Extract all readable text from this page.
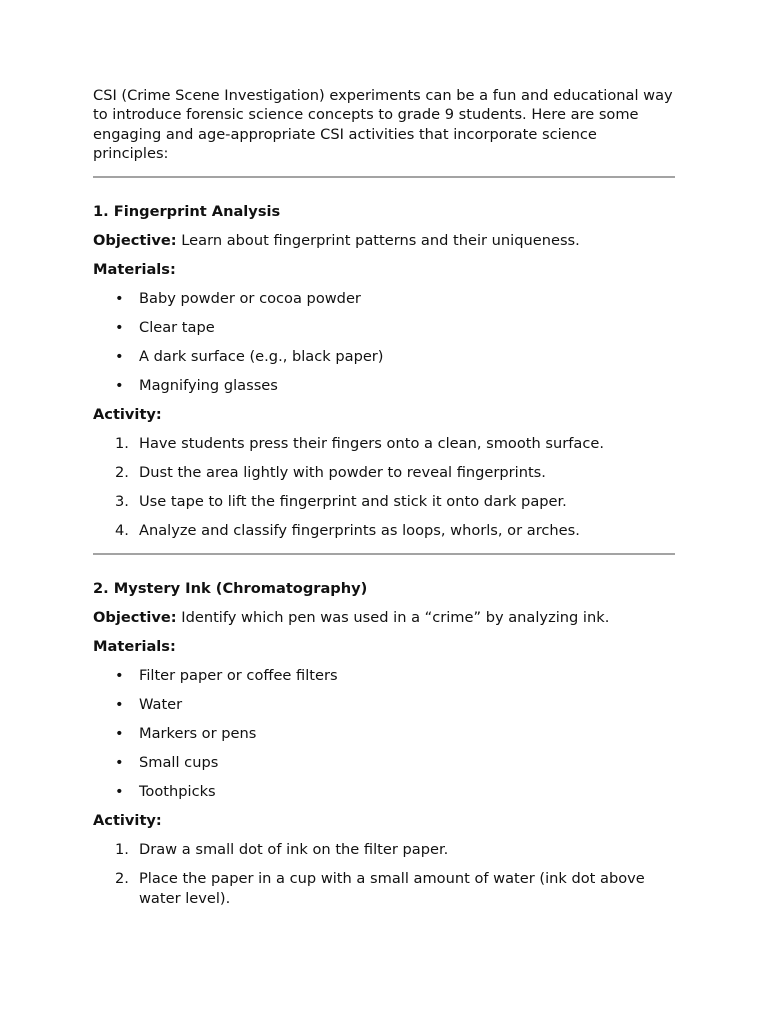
CSI (Crime Scene Investigation) experiments can be a fun and educational way to introduce forensic science concepts to grade 9 students. Here are some engaging and age-appropriate CSI activities that incorporate science principles:

1. Fingerprint Analysis

Objective: Learn about fingerprint patterns and their uniqueness.

Materials:

• Baby powder or cocoa powder
• Clear tape
• A dark surface (e.g., black paper)
• Magnifying glasses

Activity:

1. Have students press their fingers onto a clean, smooth surface.
2. Dust the area lightly with powder to reveal fingerprints.
3. Use tape to lift the fingerprint and stick it onto dark paper.
4. Analyze and classify fingerprints as loops, whorls, or arches.

2. Mystery Ink (Chromatography)

Objective: Identify which pen was used in a “crime” by analyzing ink.

Materials:

• Filter paper or coffee filters
• Water
• Markers or pens
• Small cups
• Toothpicks

Activity:

1. Draw a small dot of ink on the filter paper.
2. Place the paper in a cup with a small amount of water (ink dot above water level).
